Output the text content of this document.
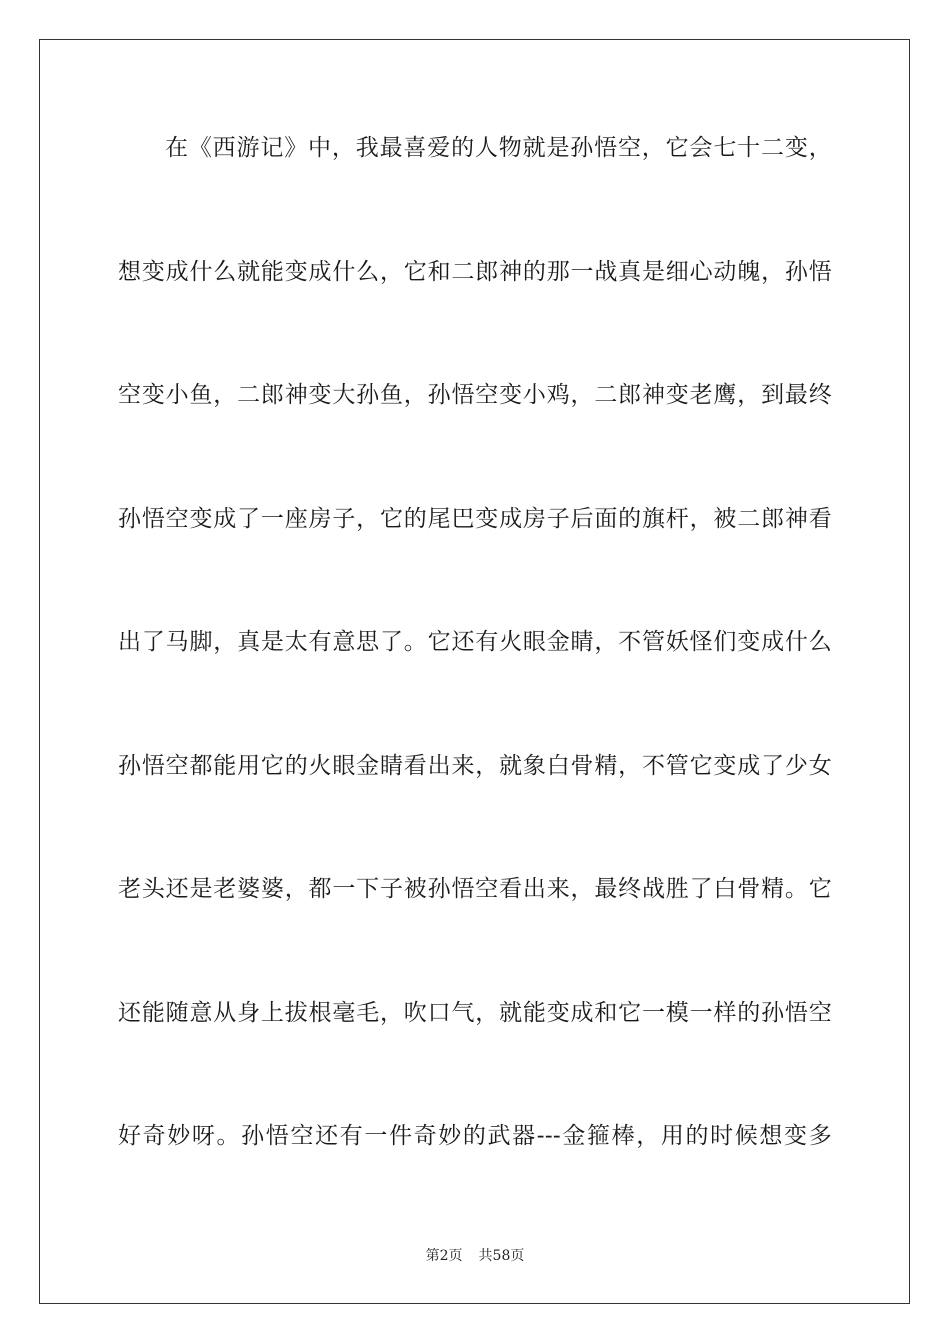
在《西游记》中，我最喜爱的人物就是孙悟空，它会七十二变，

想变成什么就能变成什么，它和二郎神的那一战真是细心动魄，孙悟

空变小鱼，二郎神变大孙鱼，孙悟空变小鸡，二郎神变老鹰，到最终

孙悟空变成了一座房子，它的尾巴变成房子后面的旗杆，被二郎神看

出了马脚，真是太有意思了。它还有火眼金睛，不管妖怪们变成什么

孙悟空都能用它的火眼金睛看出来，就象白骨精，不管它变成了少女

老头还是老婆婆，都一下子被孙悟空看出来，最终战胜了白骨精。它

还能随意从身上拔根毫毛，吹口气，就能变成和它一模一样的孙悟空

好奇妙呀。孙悟空还有一件奇妙的武器---金箍棒，用的时候想变多

第2页 共58页
